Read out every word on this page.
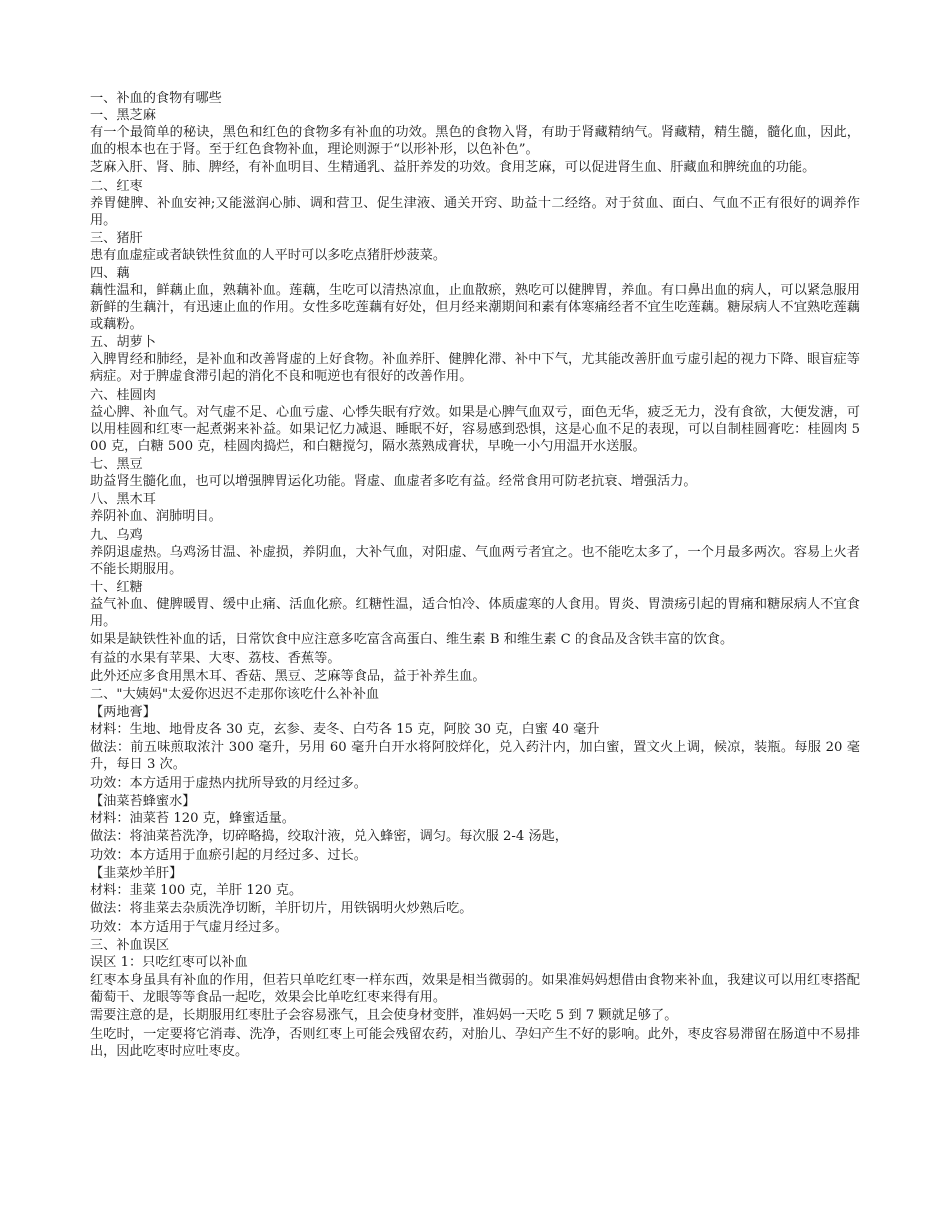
一、补血的食物有哪些

一、黑芝麻

有一个最简单的秘诀，黑色和红色的食物多有补血的功效。黑色的食物入肾，有助于肾藏精纳气。肾藏精，精生髓，髓化血，因此，血的根本也在于肾。至于红色食物补血，理论则源于“以形补形，以色补色”。

芝麻入肝、肾、肺、脾经，有补血明目、生精通乳、益肝养发的功效。食用芝麻，可以促进肾生血、肝藏血和脾统血的功能。

二、红枣

养胃健脾、补血安神;又能滋润心肺、调和营卫、促生津液、通关开窍、助益十二经络。对于贫血、面白、气血不正有很好的调养作用。

三、猪肝

患有血虚症或者缺铁性贫血的人平时可以多吃点猪肝炒菠菜。

四、藕

藕性温和，鲜藕止血，熟藕补血。莲藕，生吃可以清热凉血，止血散瘀，熟吃可以健脾胃，养血。有口鼻出血的病人，可以紧急服用新鲜的生藕汁，有迅速止血的作用。女性多吃莲藕有好处，但月经来潮期间和素有体寒痛经者不宜生吃莲藕。糖尿病人不宜熟吃莲藕或藕粉。

五、胡萝卜

入脾胃经和肺经，是补血和改善肾虚的上好食物。补血养肝、健脾化滞、补中下气，尤其能改善肝血亏虚引起的视力下降、眼盲症等病症。对于脾虚食滞引起的消化不良和呃逆也有很好的改善作用。

六、桂圆肉

益心脾、补血气。对气虚不足、心血亏虚、心悸失眠有疗效。如果是心脾气血双亏，面色无华，疲乏无力，没有食欲，大便发溏，可以用桂圆和红枣一起煮粥来补益。如果记忆力减退、睡眠不好，容易感到恐惧，这是心血不足的表现，可以自制桂圆膏吃：桂圆肉 500 克，白糖 500 克，桂圆肉捣烂，和白糖搅匀，隔水蒸熟成膏状，早晚一小勺用温开水送服。

七、黑豆

助益肾生髓化血，也可以增强脾胃运化功能。肾虚、血虚者多吃有益。经常食用可防老抗衰、增强活力。

八、黑木耳

养阴补血、润肺明目。

九、乌鸡

养阴退虚热。乌鸡汤甘温、补虚损，养阴血，大补气血，对阳虚、气血两亏者宜之。也不能吃太多了，一个月最多两次。容易上火者不能长期服用。

十、红糖

益气补血、健脾暖胃、缓中止痛、活血化瘀。红糖性温，适合怕冷、体质虚寒的人食用。胃炎、胃溃疡引起的胃痛和糖尿病人不宜食用。

如果是缺铁性补血的话，日常饮食中应注意多吃富含高蛋白、维生素 B 和维生素 C 的食品及含铁丰富的饮食。

有益的水果有苹果、大枣、荔枝、香蕉等。

此外还应多食用黑木耳、香菇、黑豆、芝麻等食品，益于补养生血。

二、"大姨妈"太爱你迟迟不走那你该吃什么补补血

【两地膏】

材料：生地、地骨皮各 30 克，玄参、麦冬、白芍各 15 克，阿胶 30 克，白蜜 40 毫升

做法：前五味煎取浓汁 300 毫升，另用 60 毫升白开水将阿胶烊化，兑入药汁内，加白蜜，置文火上调，候凉，装瓶。每服 20 毫升，每日 3 次。

功效：本方适用于虚热内扰所导致的月经过多。

【油菜苔蜂蜜水】

材料：油菜苔 120 克，蜂蜜适量。

做法：将油菜苔洗净，切碎略捣，绞取汁液，兑入蜂密，调匀。每次服 2-4 汤匙，

功效：本方适用于血瘀引起的月经过多、过长。

【韭菜炒羊肝】

材料：韭菜 100 克，羊肝 120 克。

做法：将韭菜去杂质洗净切断，羊肝切片，用铁锅明火炒熟后吃。

功效：本方适用于气虚月经过多。

三、补血误区

误区 1：只吃红枣可以补血

红枣本身虽具有补血的作用，但若只单吃红枣一样东西，效果是相当微弱的。如果准妈妈想借由食物来补血，我建议可以用红枣搭配葡萄干、龙眼等等食品一起吃，效果会比单吃红枣来得有用。

需要注意的是，长期服用红枣肚子会容易涨气，且会使身材变胖，准妈妈一天吃 5 到 7 颗就足够了。

生吃时，一定要将它消毒、洗净，否则红枣上可能会残留农药，对胎儿、孕妇产生不好的影响。此外，枣皮容易滞留在肠道中不易排出，因此吃枣时应吐枣皮。
